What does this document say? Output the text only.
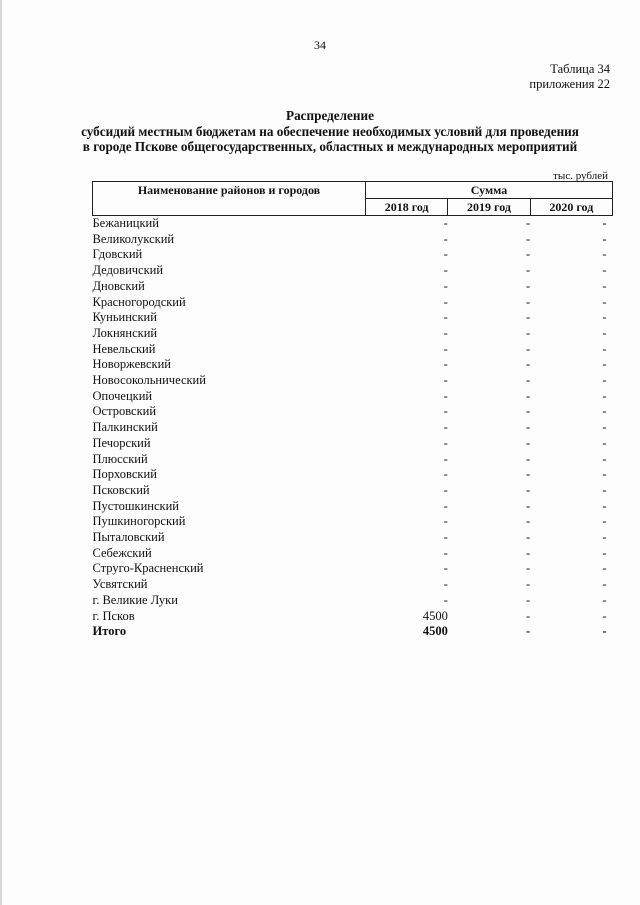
34
Таблица 34
приложения 22
Распределение
субсидий местным бюджетам на обеспечение необходимых условий для проведения
в городе Пскове общегосударственных, областных и международных мероприятий
тыс. рублей
Наименование районов и городов	Сумма		
	2018 год	2019 год	2020 год
Бежаницкий	-	-	-
Великолукский	-	-	-
Гдовский	-	-	-
Дедовичский	-	-	-
Дновский	-	-	-
Красногородский	-	-	-
Куньинский	-	-	-
Локнянский	-	-	-
Невельский	-	-	-
Новоржевский	-	-	-
Новосокольнический	-	-	-
Опочецкий	-	-	-
Островский	-	-	-
Палкинский	-	-	-
Печорский	-	-	-
Плюсский	-	-	-
Порховский	-	-	-
Псковский	-	-	-
Пустошкинский	-	-	-
Пушкиногорский	-	-	-
Пыталовский	-	-	-
Себежский	-	-	-
Струго-Красненский	-	-	-
Усвятский	-	-	-
г. Великие Луки	-	-	-
г. Псков	4500	-	-
Итого	4500	-	-
